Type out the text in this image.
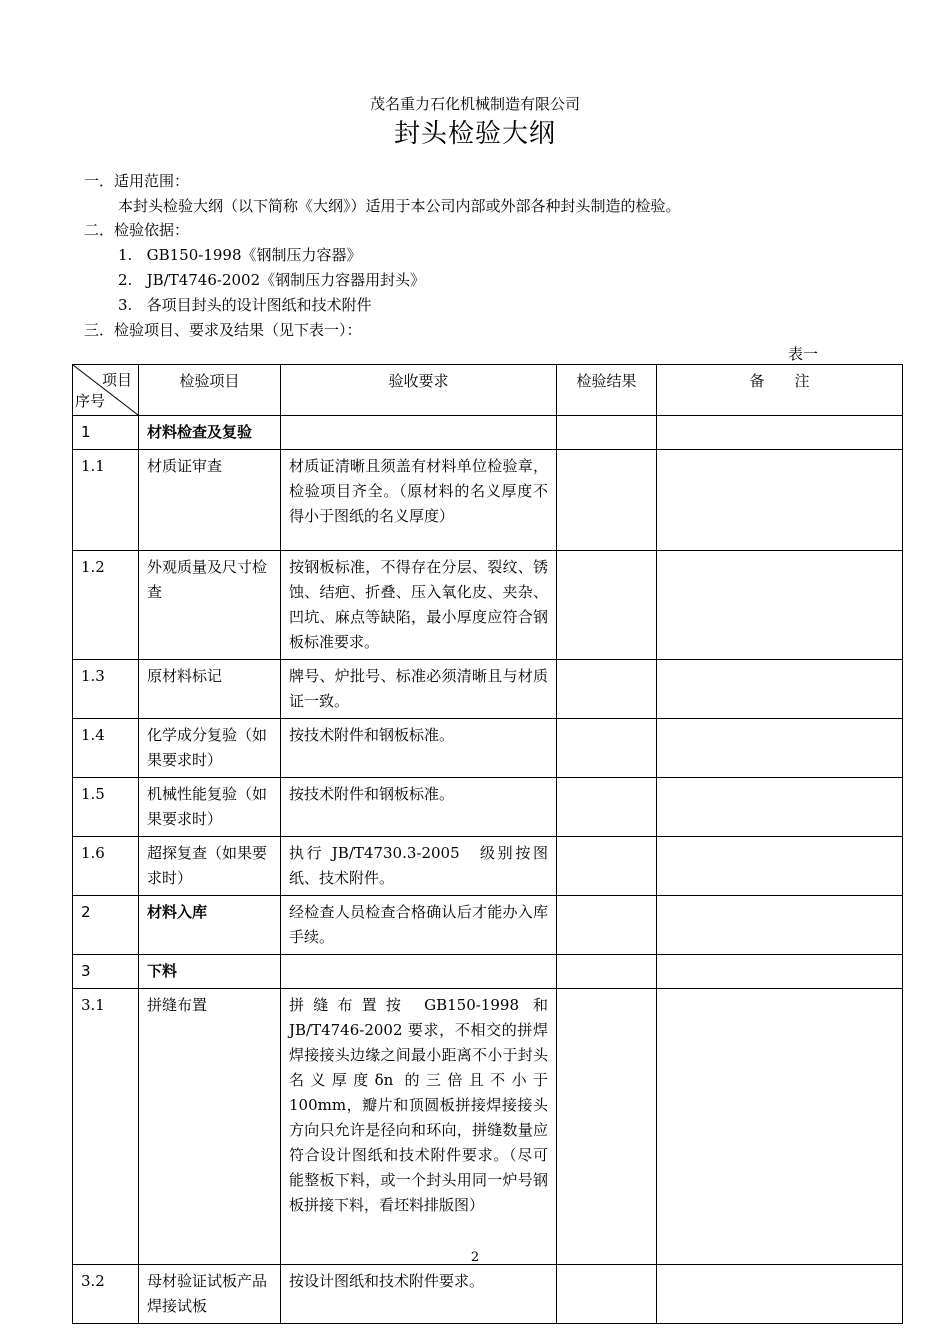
茂名重力石化机械制造有限公司
封头检验大纲
一．适用范围：
本封头检验大纲（以下简称《大纲》）适用于本公司内部或外部各种封头制造的检验。
二．检验依据：
1.   GB150-1998《钢制压力容器》
2.   JB/T4746-2002《钢制压力容器用封头》
3.   各项目封头的设计图纸和技术附件
三．检验项目、要求及结果（见下表一）：
表一
项目
序号	检验项目	验收要求	检验结果	备　　注
1	材料检查及复验			
1.1	材质证审查	材质证清晰且须盖有材料单位检验章，检验项目齐全。（原材料的名义厚度不得小于图纸的名义厚度）		
1.2	外观质量及尺寸检查	按钢板标准，不得存在分层、裂纹、锈蚀、结疤、折叠、压入氧化皮、夹杂、凹坑、麻点等缺陷，最小厚度应符合钢板标准要求。		
1.3	原材料标记	牌号、炉批号、标准必须清晰且与材质证一致。		
1.4	化学成分复验（如果要求时）	按技术附件和钢板标准。		
1.5	机械性能复验（如果要求时）	按技术附件和钢板标准。		
1.6	超探复查（如果要求时）	执行 JB/T4730.3-2005　级别按图纸、技术附件。		
2	材料入库	经检查人员检查合格确认后才能办入库手续。		
3	下料			
3.1	拼缝布置	拼缝布置按 GB150-1998 和 JB/T4746-2002 要求，不相交的拼焊焊接接头边缘之间最小距离不小于封头名义厚度δn 的三倍且不小于100mm，瓣片和顶圆板拼接焊接接头方向只允许是径向和环向，拼缝数量应符合设计图纸和技术附件要求。（尽可能整板下料，或一个封头用同一炉号钢板拼接下料，看坯料排版图）		
3.2	母材验证试板产品焊接试板	按设计图纸和技术附件要求。		
2
